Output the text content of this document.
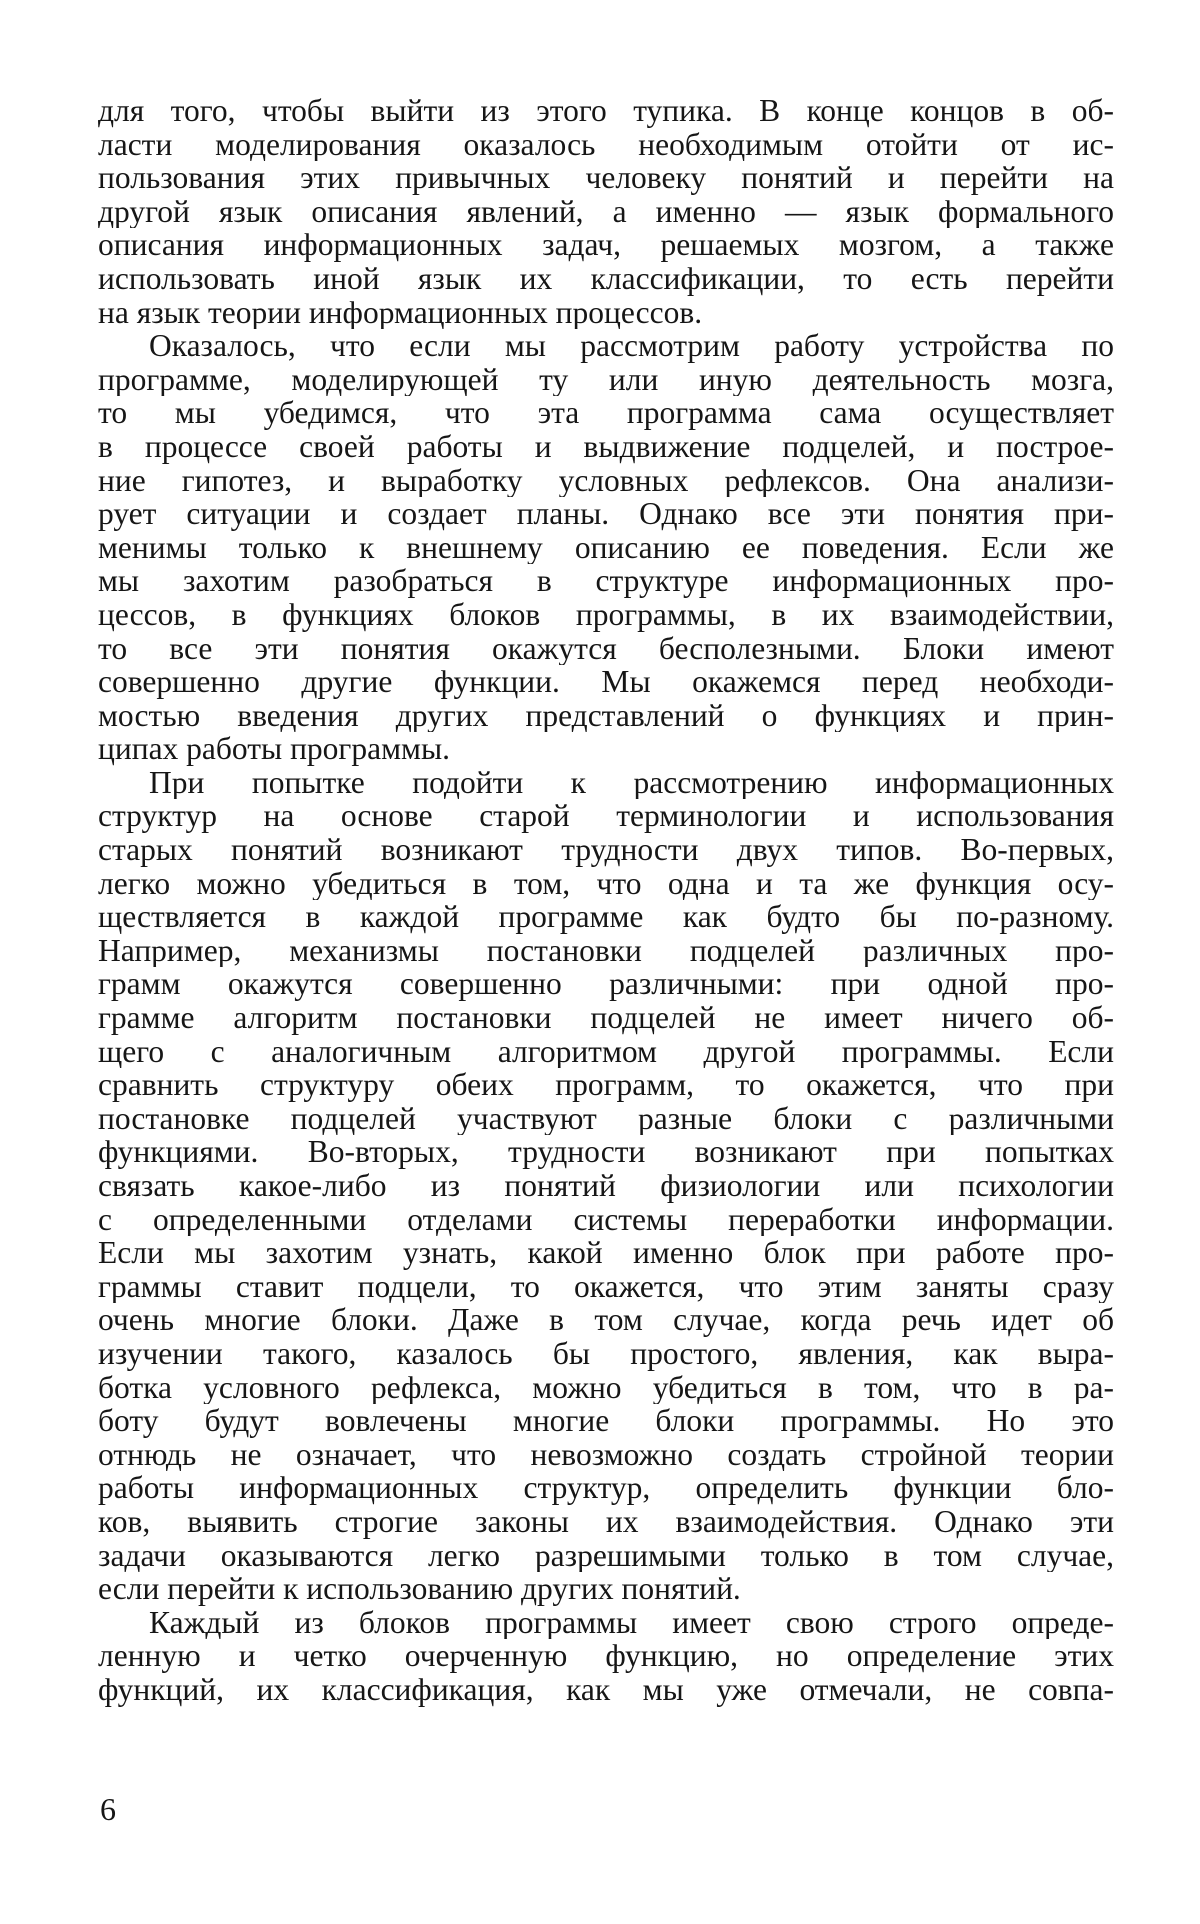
для того, чтобы выйти из этого тупика. В конце концов в об-
ласти моделирования оказалось необходимым отойти от ис-
пользования этих привычных человеку понятий и перейти на
другой язык описания явлений, а именно — язык формального
описания информационных задач, решаемых мозгом, а также
использовать иной язык их классификации, то есть перейти
на язык теории информационных процессов.
Оказалось, что если мы рассмотрим работу устройства по
программе, моделирующей ту или иную деятельность мозга,
то мы убедимся, что эта программа сама осуществляет
в процессе своей работы и выдвижение подцелей, и построе-
ние гипотез, и выработку условных рефлексов. Она анализи-
рует ситуации и создает планы. Однако все эти понятия при-
менимы только к внешнему описанию ее поведения. Если же
мы захотим разобраться в структуре информационных про-
цессов, в функциях блоков программы, в их взаимодействии,
то все эти понятия окажутся бесполезными. Блоки имеют
совершенно другие функции. Мы окажемся перед необходи-
мостью введения других представлений о функциях и прин-
ципах работы программы.
При попытке подойти к рассмотрению информационных
структур на основе старой терминологии и использования
старых понятий возникают трудности двух типов. Во-первых,
легко можно убедиться в том, что одна и та же функция осу-
ществляется в каждой программе как будто бы по-разному.
Например, механизмы постановки подцелей различных про-
грамм окажутся совершенно различными: при одной про-
грамме алгоритм постановки подцелей не имеет ничего об-
щего с аналогичным алгоритмом другой программы. Если
сравнить структуру обеих программ, то окажется, что при
постановке подцелей участвуют разные блоки с различными
функциями. Во-вторых, трудности возникают при попытках
связать какое-либо из понятий физиологии или психологии
с определенными отделами системы переработки информации.
Если мы захотим узнать, какой именно блок при работе про-
граммы ставит подцели, то окажется, что этим заняты сразу
очень многие блоки. Даже в том случае, когда речь идет об
изучении такого, казалось бы простого, явления, как выра-
ботка условного рефлекса, можно убедиться в том, что в ра-
боту будут вовлечены многие блоки программы. Но это
отнюдь не означает, что невозможно создать стройной теории
работы информационных структур, определить функции бло-
ков, выявить строгие законы их взаимодействия. Однако эти
задачи оказываются легко разрешимыми только в том случае,
если перейти к использованию других понятий.
Каждый из блоков программы имеет свою строго опреде-
ленную и четко очерченную функцию, но определение этих
функций, их классификация, как мы уже отмечали, не совпа-
6
